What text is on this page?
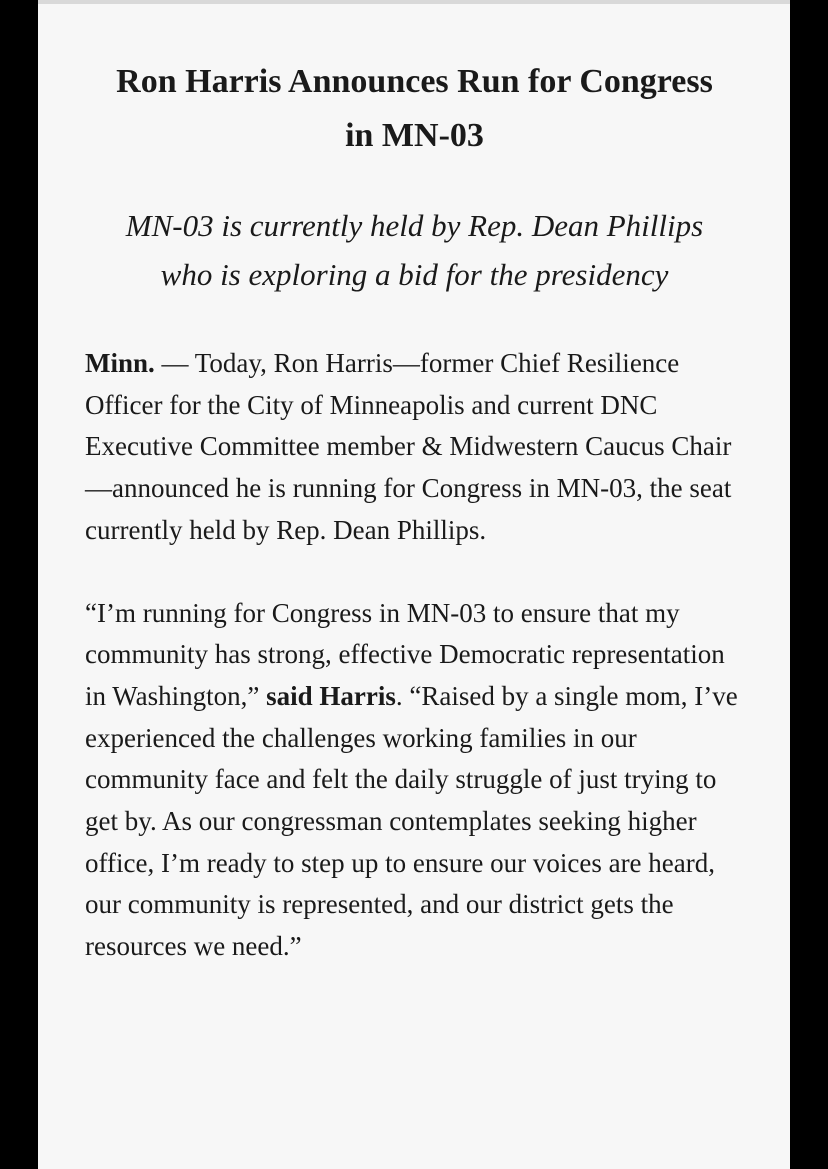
Ron Harris Announces Run for Congress in MN-03

MN-03 is currently held by Rep. Dean Phillips who is exploring a bid for the presidency

Minn. — Today, Ron Harris—former Chief Resilience Officer for the City of Minneapolis and current DNC Executive Committee member & Midwestern Caucus Chair—announced he is running for Congress in MN-03, the seat currently held by Rep. Dean Phillips.

“I’m running for Congress in MN-03 to ensure that my community has strong, effective Democratic representation in Washington,” said Harris. “Raised by a single mom, I’ve experienced the challenges working families in our community face and felt the daily struggle of just trying to get by. As our congressman contemplates seeking higher office, I’m ready to step up to ensure our voices are heard, our community is represented, and our district gets the resources we need.”
